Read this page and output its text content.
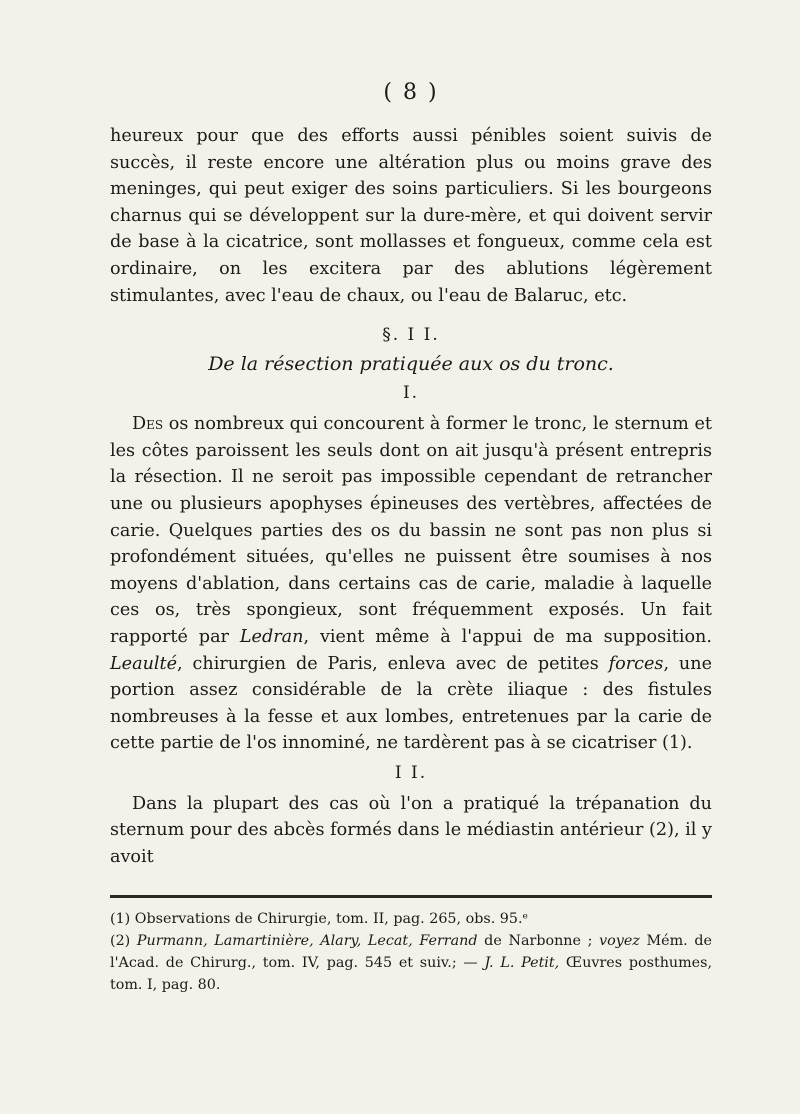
( 8 )

heureux pour que des efforts aussi pénibles soient suivis de succès, il reste encore une altération plus ou moins grave des meninges, qui peut exiger des soins particuliers. Si les bourgeons charnus qui se développent sur la dure-mère, et qui doivent servir de base à la cicatrice, sont mollasses et fongueux, comme cela est ordinaire, on les excitera par des ablutions légèrement stimulantes, avec l'eau de chaux, ou l'eau de Balaruc, etc.

§. I I.
De la résection pratiquée aux os du tronc.
I.

Des os nombreux qui concourent à former le tronc, le sternum et les côtes paroissent les seuls dont on ait jusqu'à présent entrepris la résection. Il ne seroit pas impossible cependant de retrancher une ou plusieurs apophyses épineuses des vertèbres, affectées de carie. Quelques parties des os du bassin ne sont pas non plus si profondément situées, qu'elles ne puissent être soumises à nos moyens d'ablation, dans certains cas de carie, maladie à laquelle ces os, très spongieux, sont fréquemment exposés. Un fait rapporté par Ledran, vient même à l'appui de ma supposition. Leaulté, chirurgien de Paris, enleva avec de petites forces, une portion assez considérable de la crète iliaque : des fistules nombreuses à la fesse et aux lombes, entretenues par la carie de cette partie de l'os innominé, ne tardèrent pas à se cicatriser (1).

I I.

Dans la plupart des cas où l'on a pratiqué la trépanation du sternum pour des abcès formés dans le médiastin antérieur (2), il y avoit

(1) Observations de Chirurgie, tom. II, pag. 265, obs. 95.ᵉ

(2) Purmann, Lamartinière, Alary, Lecat, Ferrand de Narbonne ; voyez Mém. de l'Acad. de Chirurg., tom. IV, pag. 545 et suiv.; — J. L. Petit, Œuvres posthumes, tom. I, pag. 80.
